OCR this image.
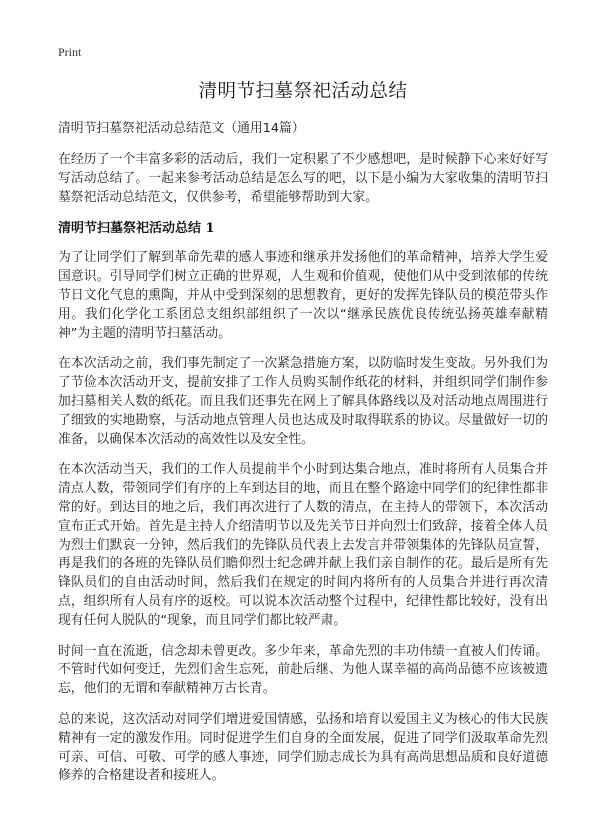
Print
清明节扫墓祭祀活动总结

清明节扫墓祭祀活动总结范文（通用14篇）

在经历了一个丰富多彩的活动后，我们一定积累了不少感想吧，是时候静下心来好好写写活动总结了。一起来参考活动总结是怎么写的吧，以下是小编为大家收集的清明节扫墓祭祀活动总结范文，仅供参考，希望能够帮助到大家。

清明节扫墓祭祀活动总结 1

为了让同学们了解到革命先辈的感人事迹和继承并发扬他们的革命精神，培养大学生爱国意识。引导同学们树立正确的世界观，人生观和价值观，使他们从中受到浓郁的传统节日文化气息的熏陶，并从中受到深刻的思想教育，更好的发挥先锋队员的模范带头作用。我们化学化工系团总支组织部组织了一次以“继承民族优良传统弘扬英雄奉献精神”为主题的清明节扫墓活动。

在本次活动之前，我们事先制定了一次紧急措施方案，以防临时发生变故。另外我们为了节俭本次活动开支，提前安排了工作人员购买制作纸花的材料，并组织同学们制作参加扫墓相关人数的纸花。而且我们还事先在网上了解具体路线以及对活动地点周围进行了细致的实地勘察，与活动地点管理人员也达成及时取得联系的协议。尽量做好一切的准备，以确保本次活动的高效性以及安全性。

在本次活动当天，我们的工作人员提前半个小时到达集合地点，准时将所有人员集合并清点人数，带领同学们有序的上车到达目的地，而且在整个路途中同学们的纪律性都非常的好。到达目的地之后，我们再次进行了人数的清点，在主持人的带领下，本次活动宣布正式开始。首先是主持人介绍清明节以及先关节日并向烈士们致辞，接着全体人员为烈士们默哀一分钟，然后我们的先锋队员代表上去发言并带领集体的先锋队员宣誓，再是我们的各班的先锋队员们瞻仰烈士纪念碑并献上我们亲自制作的花。最后是所有先锋队员们的自由活动时间，然后我们在规定的时间内将所有的人员集合并进行再次清点，组织所有人员有序的返校。可以说本次活动整个过程中，纪律性都比较好，没有出现有任何人脱队的“现象，而且同学们都比较严肃。

时间一直在流逝，信念却未曾更改。多少年来，革命先烈的丰功伟绩一直被人们传诵。不管时代如何变迁，先烈们舍生忘死，前赴后继、为他人谋幸福的高尚品德不应该被遗忘，他们的无谓和奉献精神万古长青。

总的来说，这次活动对同学们增进爱国情感，弘扬和培育以爱国主义为核心的伟大民族精神有一定的激发作用。同时促进学生们自身的全面发展，促进了同学们汲取革命先烈可亲、可信、可敬、可学的感人事迹，同学们励志成长为具有高尚思想品质和良好道德修养的合格建设者和接班人。
